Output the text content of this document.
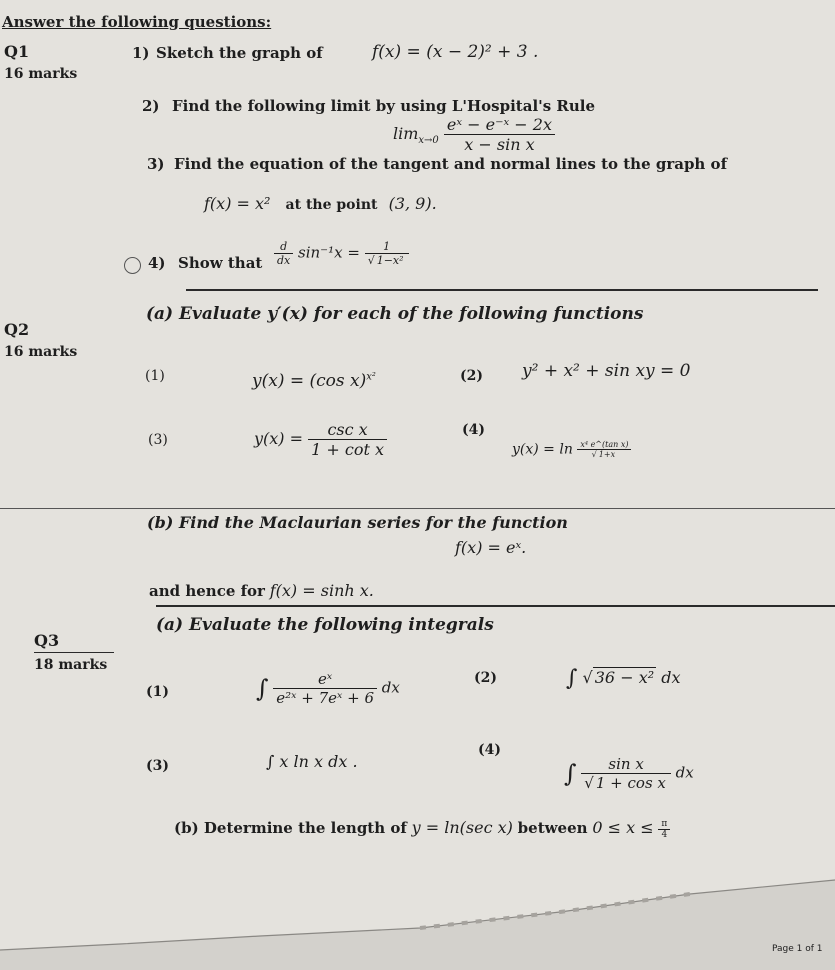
Answer the following questions:
Q1
16 marks
1) Sketch the graph of	f(x) = (x − 2)² + 3 .
2) Find the following limit by using L'Hospital's Rule
$\lim_{x\to 0} \frac{\text{eˣ − e⁻ˣ − 2x}}{\text{x − sin x}}$
3) Find the equation of the tangent and normal lines to the graph of
f(x) = x² at the point (3, 9).
4) Show that $\frac{d}{dx} \sin^{-1}x = \frac{1}{\text{√ 1−x²}}$
Q2
16 marks
(a) Evaluate y′(x) for each of the following functions
(1)	y(x) = (cos x)$^{x^2}$	(2) y² + x² + sin xy = 0
(3)	$y(x) = \frac{\text{csc x}}{\text{1 + cot x}}$	(4)
$y(x) = \ln \frac{\text{x⁴ e\textasciicircum{}(tan x)}}{√ 1+x}$
(b) Find the Maclaurian series for the function
f(x) = eˣ.
and hence for f(x) = sinh x.
Q3
18 marks
(a) Evaluate the following integrals
(1)	∫ $\frac{\text{eˣ}}{\text{e²ˣ + 7eˣ + 6}}$ dx
(2)	∫ √ 36 − x² dx
(3)	∫ x ln x dx .
(4)
∫ $\frac{\text{sin x}}{\text{√ 1 + cos x}}$ dx
(b) Determine the length of y = ln(sec x) between $0 \le x \le \frac{\pi}{4}$
Page 1 of 1
